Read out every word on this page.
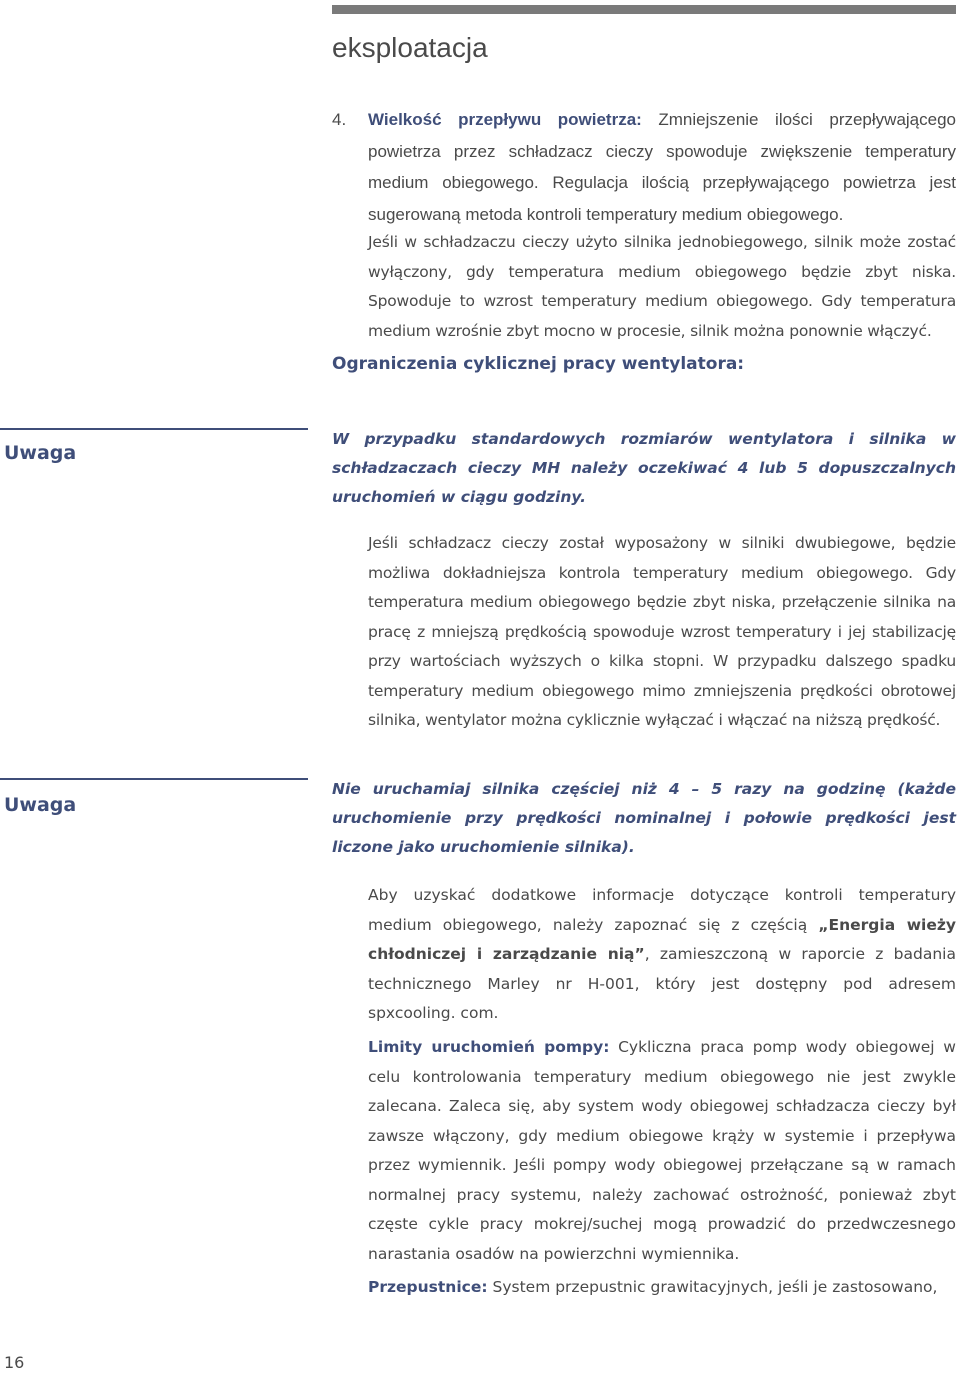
eksploatacja
4. Wielkość przepływu powietrza: Zmniejszenie ilości przepływającego powietrza przez schładzacz cieczy spowoduje zwiększenie temperatury medium obiegowego. Regulacja ilością przepływającego powietrza jest sugerowaną metoda kontroli temperatury medium obiegowego.

Jeśli w schładzaczu cieczy użyto silnika jednobiegowego, silnik może zostać wyłączony, gdy temperatura medium obiegowego będzie zbyt niska. Spowoduje to wzrost temperatury medium obiegowego. Gdy temperatura medium wzrośnie zbyt mocno w procesie, silnik można ponownie włączyć.

Ograniczenia cyklicznej pracy wentylatora:
Uwaga

W przypadku standardowych rozmiarów wentylatora i silnika w schładzaczach cieczy MH należy oczekiwać 4 lub 5 dopuszczalnych uruchomień w ciągu godziny.

Jeśli schładzacz cieczy został wyposażony w silniki dwubiegowe, będzie możliwa dokładniejsza kontrola temperatury medium obiegowego. Gdy temperatura medium obiegowego będzie zbyt niska, przełączenie silnika na pracę z mniejszą prędkością spowoduje wzrost temperatury i jej stabilizację przy wartościach wyższych o kilka stopni. W przypadku dalszego spadku temperatury medium obiegowego mimo zmniejszenia prędkości obrotowej silnika, wentylator można cyklicznie wyłączać i włączać na niższą prędkość.

Uwaga

Nie uruchamiaj silnika częściej niż 4 – 5 razy na godzinę (każde uruchomienie przy prędkości nominalnej i połowie prędkości jest liczone jako uruchomienie silnika).

Aby uzyskać dodatkowe informacje dotyczące kontroli temperatury medium obiegowego, należy zapoznać się z częścią „Energia wieży chłodniczej i zarządzanie nią”, zamieszczoną w raporcie z badania technicznego Marley nr H-001, który jest dostępny pod adresem spxcooling. com.

Limity uruchomień pompy: Cykliczna praca pomp wody obiegowej w celu kontrolowania temperatury medium obiegowego nie jest zwykle zalecana. Zaleca się, aby system wody obiegowej schładzacza cieczy był zawsze włączony, gdy medium obiegowe krąży w systemie i przepływa przez wymiennik. Jeśli pompy wody obiegowej przełączane są w ramach normalnej pracy systemu, należy zachować ostrożność, ponieważ zbyt częste cykle pracy mokrej/suchej mogą prowadzić do przedwczesnego narastania osadów na powierzchni wymiennika.

Przepustnice: System przepustnic grawitacyjnych, jeśli je zastosowano,

16
